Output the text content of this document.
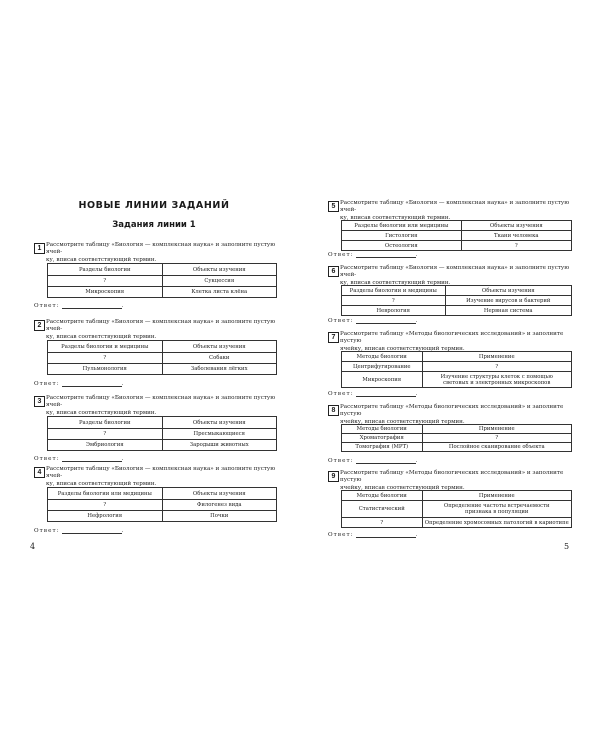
НОВЫЕ ЛИНИИ ЗАДАНИЙ
Задания линии 1
1 Рассмотрите таблицу «Биология — комплексная наука» и заполните пустую ячей-
ку, вписав соответствующий термин.
Разделы биологии	Объекты изучения
?	Сукцессия
Микроскопия	Клетка листа клёна
Ответ:	.
2 Рассмотрите таблицу «Биология — комплексная наука» и заполните пустую ячей-
ку, вписав соответствующий термин.
Разделы биологии и медицины	Объекты изучения
?	Собаки
Пульмонология	Заболевания лёгких
Ответ:	.
3 Рассмотрите таблицу «Биология — комплексная наука» и заполните пустую ячей-
ку, вписав соответствующий термин.
Разделы биологии	Объекты изучения
?	Пресмыкающиеся
Эмбриология	Зародыши животных
Ответ:	.
4 Рассмотрите таблицу «Биология — комплексная наука» и заполните пустую ячей-
ку, вписав соответствующий термин.
Разделы биологии или медицины	Объекты изучения
?	Филогенез вида
Нефрология	Почки
Ответ:	.
4
5 Рассмотрите таблицу «Биология — комплексная наука» и заполните пустую ячей-
ку, вписав соответствующий термин.
Разделы биологии или медицины	Объекты изучения
Гистология	Ткани человека
Остеология	?
Ответ:	.
6 Рассмотрите таблицу «Биология — комплексная наука» и заполните пустую ячей-
ку, вписав соответствующий термин.
Разделы биологии и медицины	Объекты изучения
?	Изучение вирусов и бактерий
Неврология	Нервная система
Ответ:	.
7 Рассмотрите таблицу «Методы биологических исследований» и заполните пустую
ячейку, вписав соответствующий термин.
Методы биологии	Применение
Центрифугирование	?
Микроскопия	Изучение структуры клеток с помощью световых и электронных микроскопов
Ответ:	.
8 Рассмотрите таблицу «Методы биологических исследований» и заполните пустую
ячейку, вписав соответствующий термин.
Методы биологии	Применение
Хроматография	?
Томография (МРТ)	Послойное сканирование объекта
Ответ:	.
9 Рассмотрите таблицу «Методы биологических исследований» и заполните пустую
ячейку, вписав соответствующий термин.
Методы биологии	Применение
Статистический	Определение частоты встречаемости признака в популяции
?	Определение хромосомных патологий в кариотипе
Ответ:	.
5
